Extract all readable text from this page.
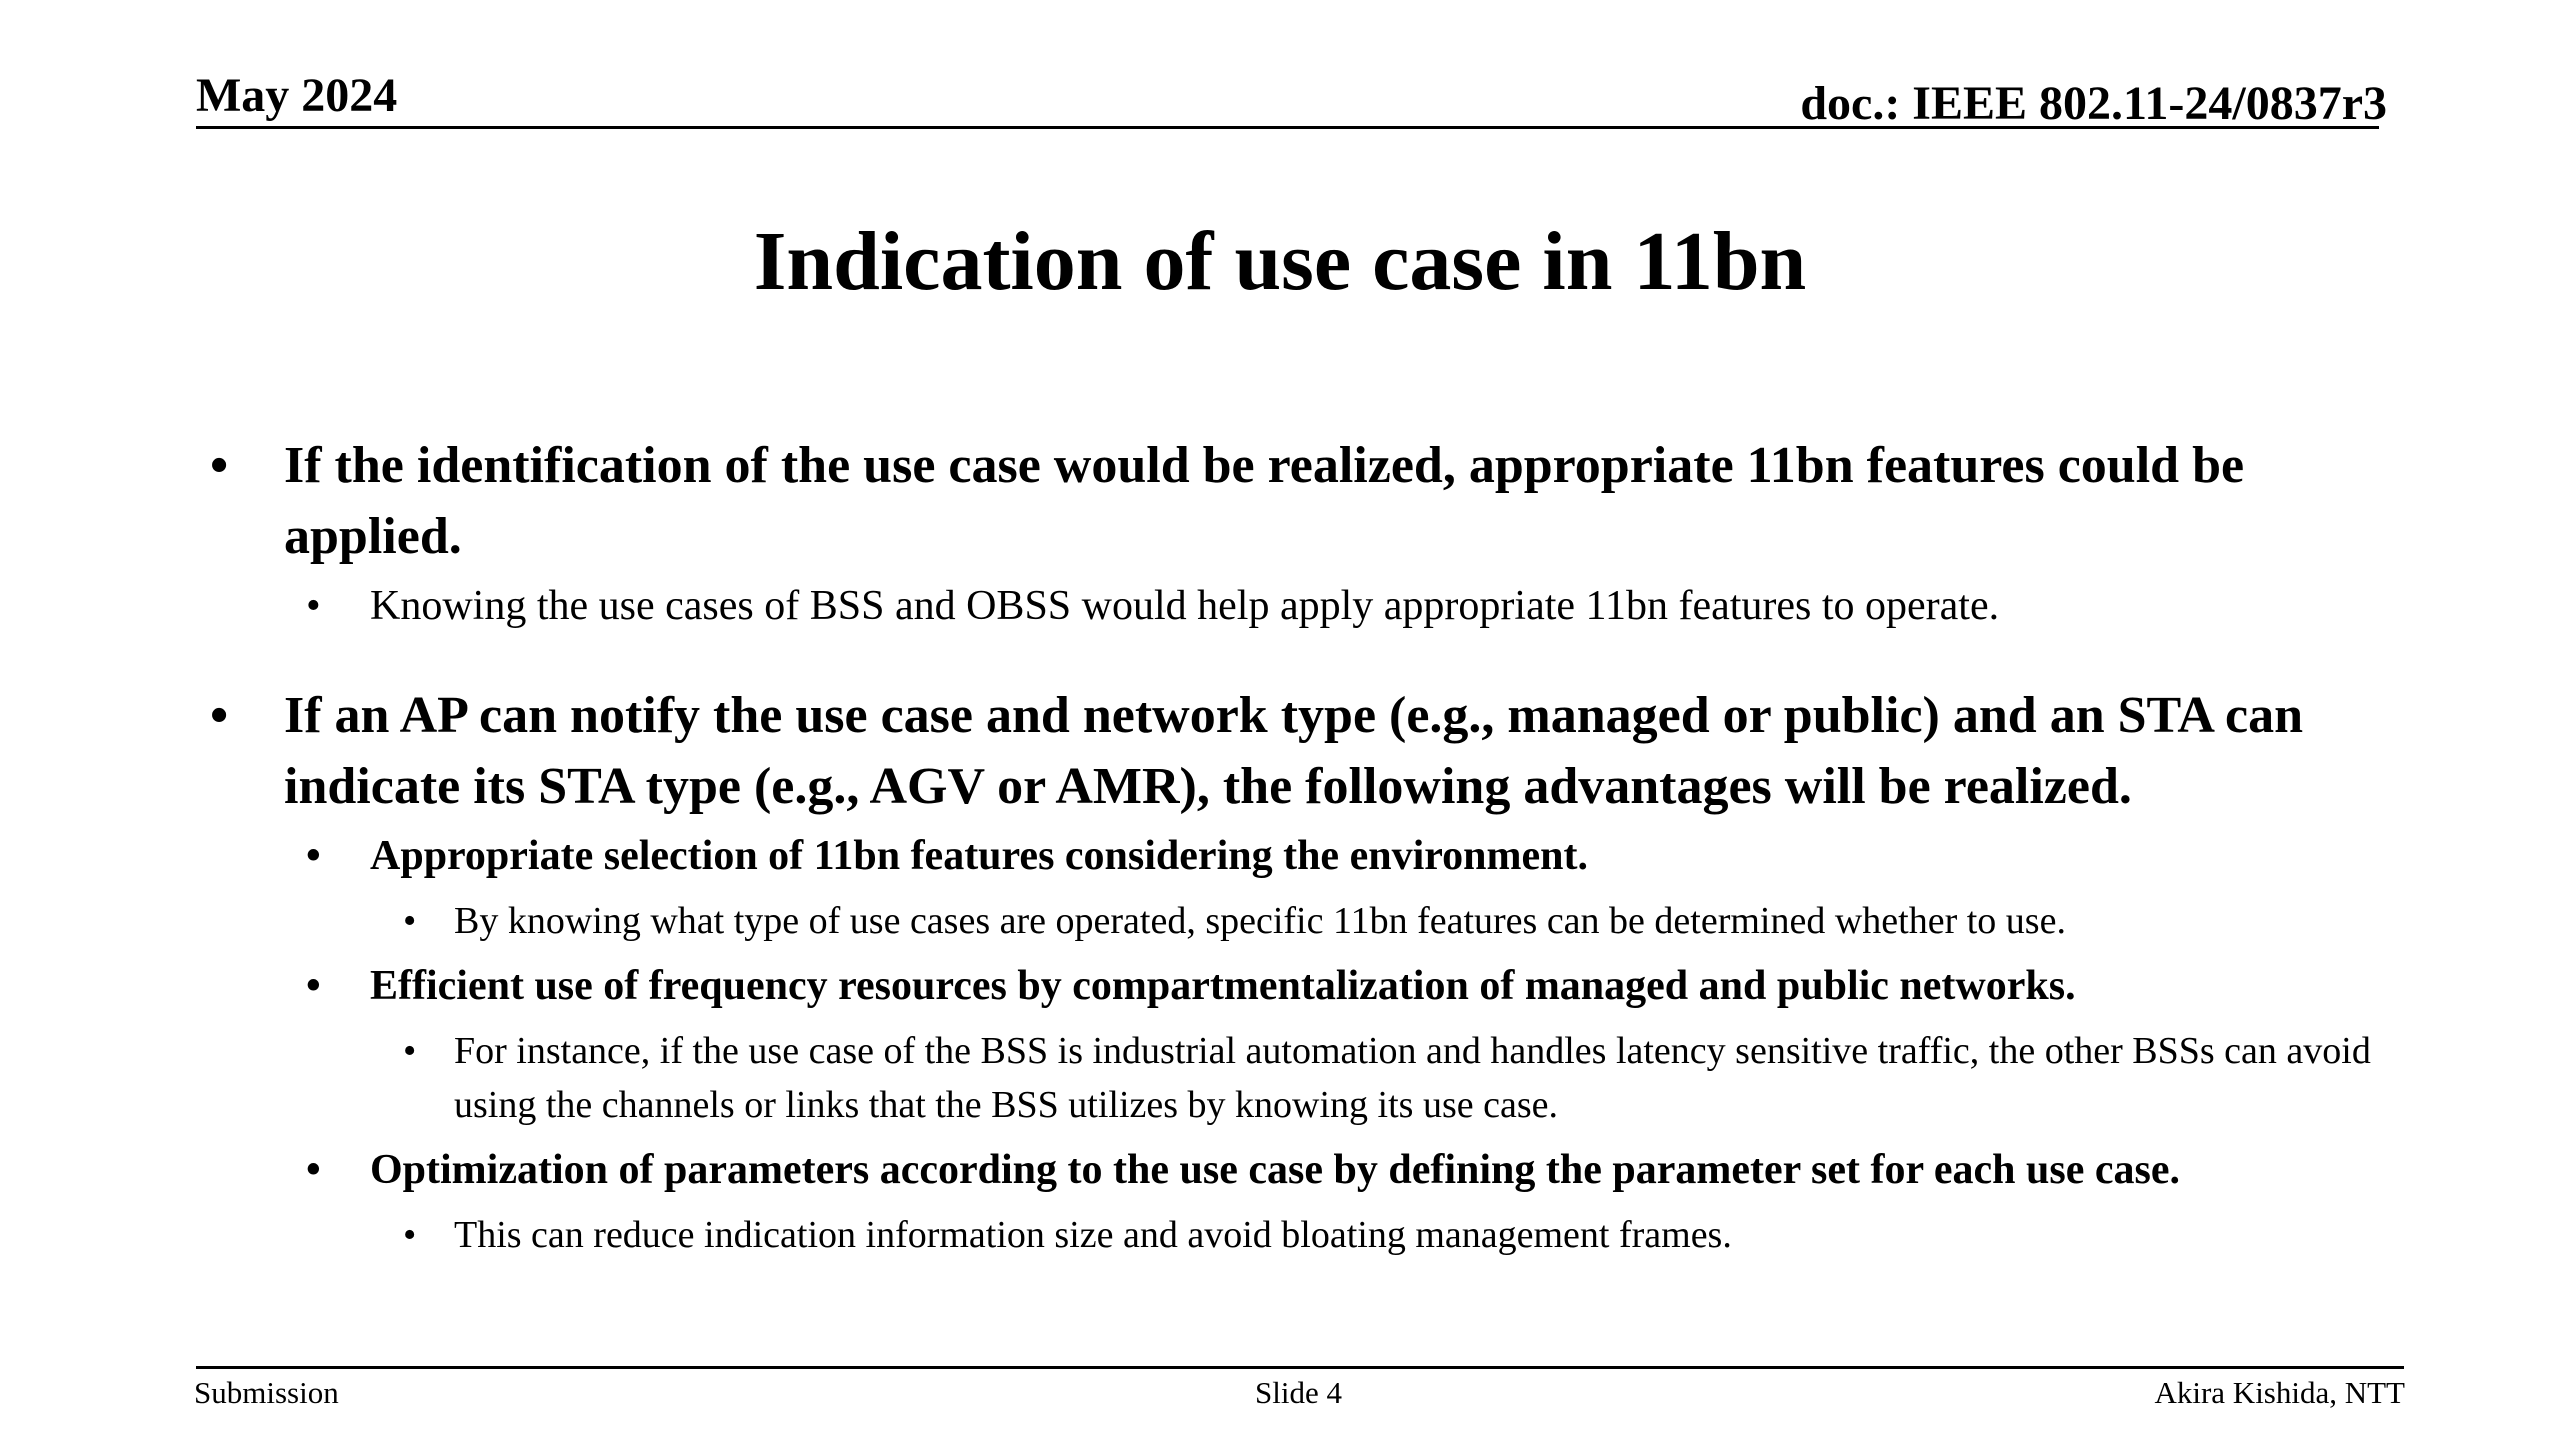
May 2024	doc.: IEEE 802.11-24/0837r3
Indication of use case in 11bn
• If the identification of the use case would be realized, appropriate 11bn features could be applied.
• Knowing the use cases of BSS and OBSS would help apply appropriate 11bn features to operate.
• If an AP can notify the use case and network type (e.g., managed or public) and an STA can indicate its STA type (e.g., AGV or AMR), the following advantages will be realized.
• Appropriate selection of 11bn features considering the environment.
• By knowing what type of use cases are operated, specific 11bn features can be determined whether to use.
• Efficient use of frequency resources by compartmentalization of managed and public networks.
• For instance, if the use case of the BSS is industrial automation and handles latency sensitive traffic, the other BSSs can avoid using the channels or links that the BSS utilizes by knowing its use case.
• Optimization of parameters according to the use case by defining the parameter set for each use case.
• This can reduce indication information size and avoid bloating management frames.
Submission	Slide 4	Akira Kishida, NTT
